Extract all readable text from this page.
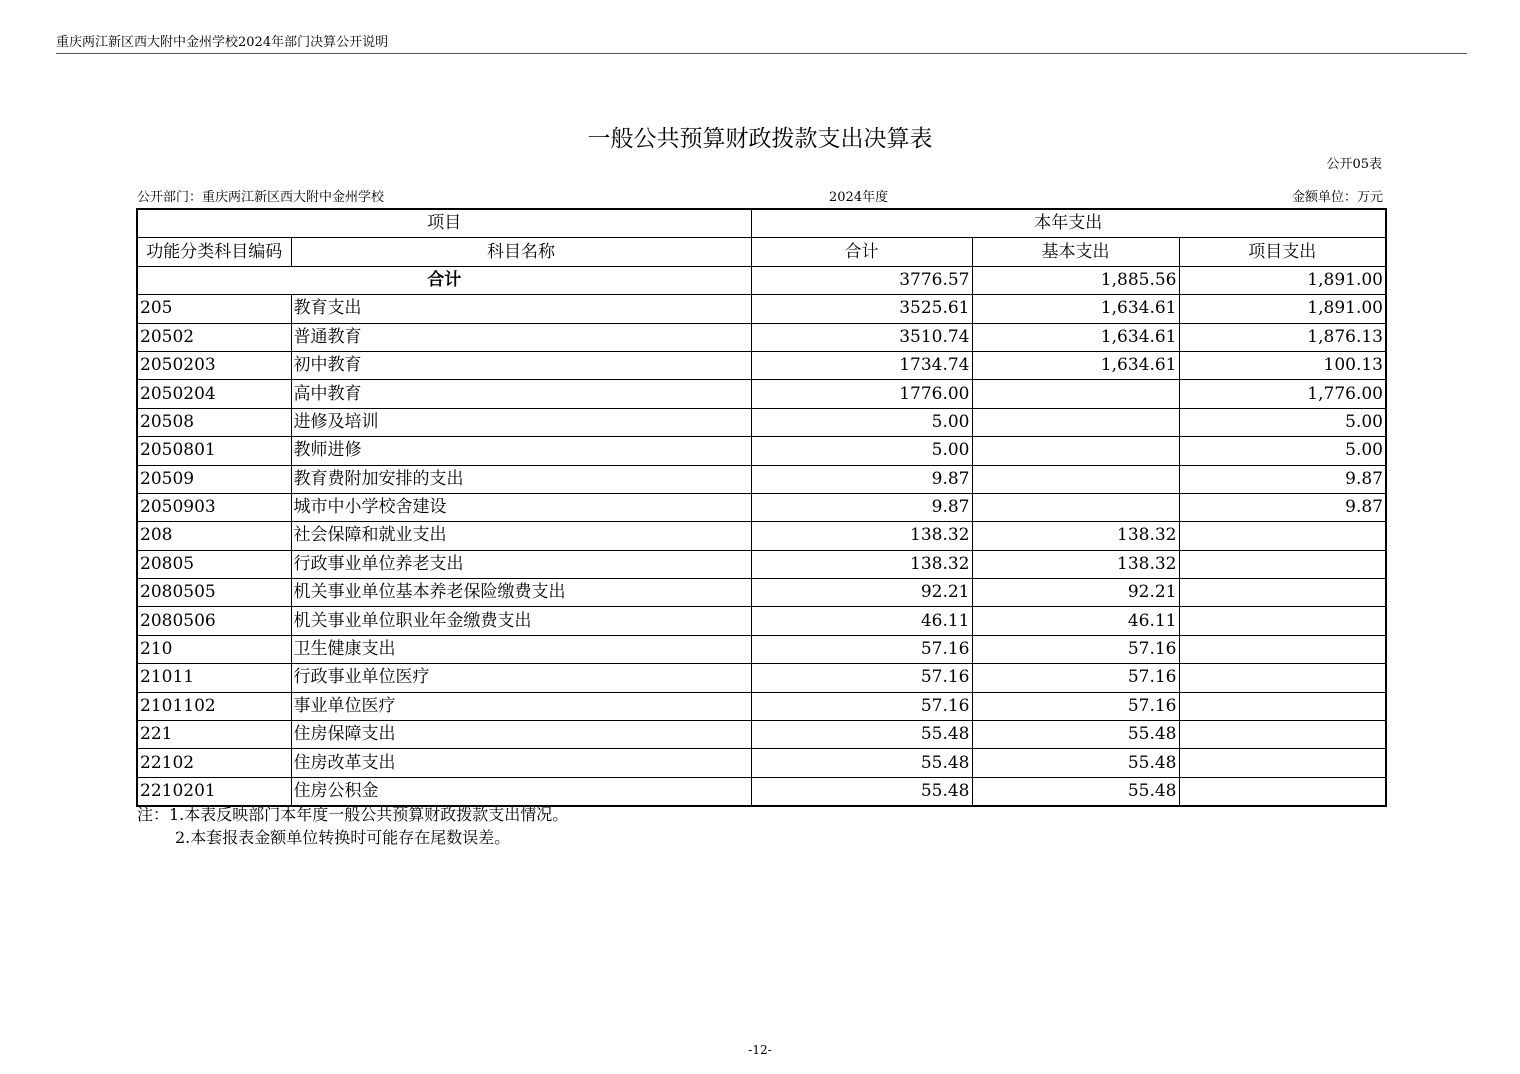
重庆两江新区西大附中金州学校2024年部门决算公开说明
一般公共预算财政拨款支出决算表
公开05表
公开部门：重庆两江新区西大附中金州学校	2024年度	金额单位：万元
项目		本年支出		
功能分类科目编码	科目名称	合计	基本支出	项目支出
合计		3776.57	1,885.56	1,891.00
205	教育支出	3525.61	1,634.61	1,891.00
20502	普通教育	3510.74	1,634.61	1,876.13
2050203	初中教育	1734.74	1,634.61	100.13
2050204	高中教育	1776.00		1,776.00
20508	进修及培训	5.00		5.00
2050801	教师进修	5.00		5.00
20509	教育费附加安排的支出	9.87		9.87
2050903	城市中小学校舍建设	9.87		9.87
208	社会保障和就业支出	138.32	138.32	
20805	行政事业单位养老支出	138.32	138.32	
2080505	机关事业单位基本养老保险缴费支出	92.21	92.21	
2080506	机关事业单位职业年金缴费支出	46.11	46.11	
210	卫生健康支出	57.16	57.16	
21011	行政事业单位医疗	57.16	57.16	
2101102	事业单位医疗	57.16	57.16	
221	住房保障支出	55.48	55.48	
22102	住房改革支出	55.48	55.48	
2210201	住房公积金	55.48	55.48	
注：1.本表反映部门本年度一般公共预算财政拨款支出情况。
2.本套报表金额单位转换时可能存在尾数误差。
-12-
